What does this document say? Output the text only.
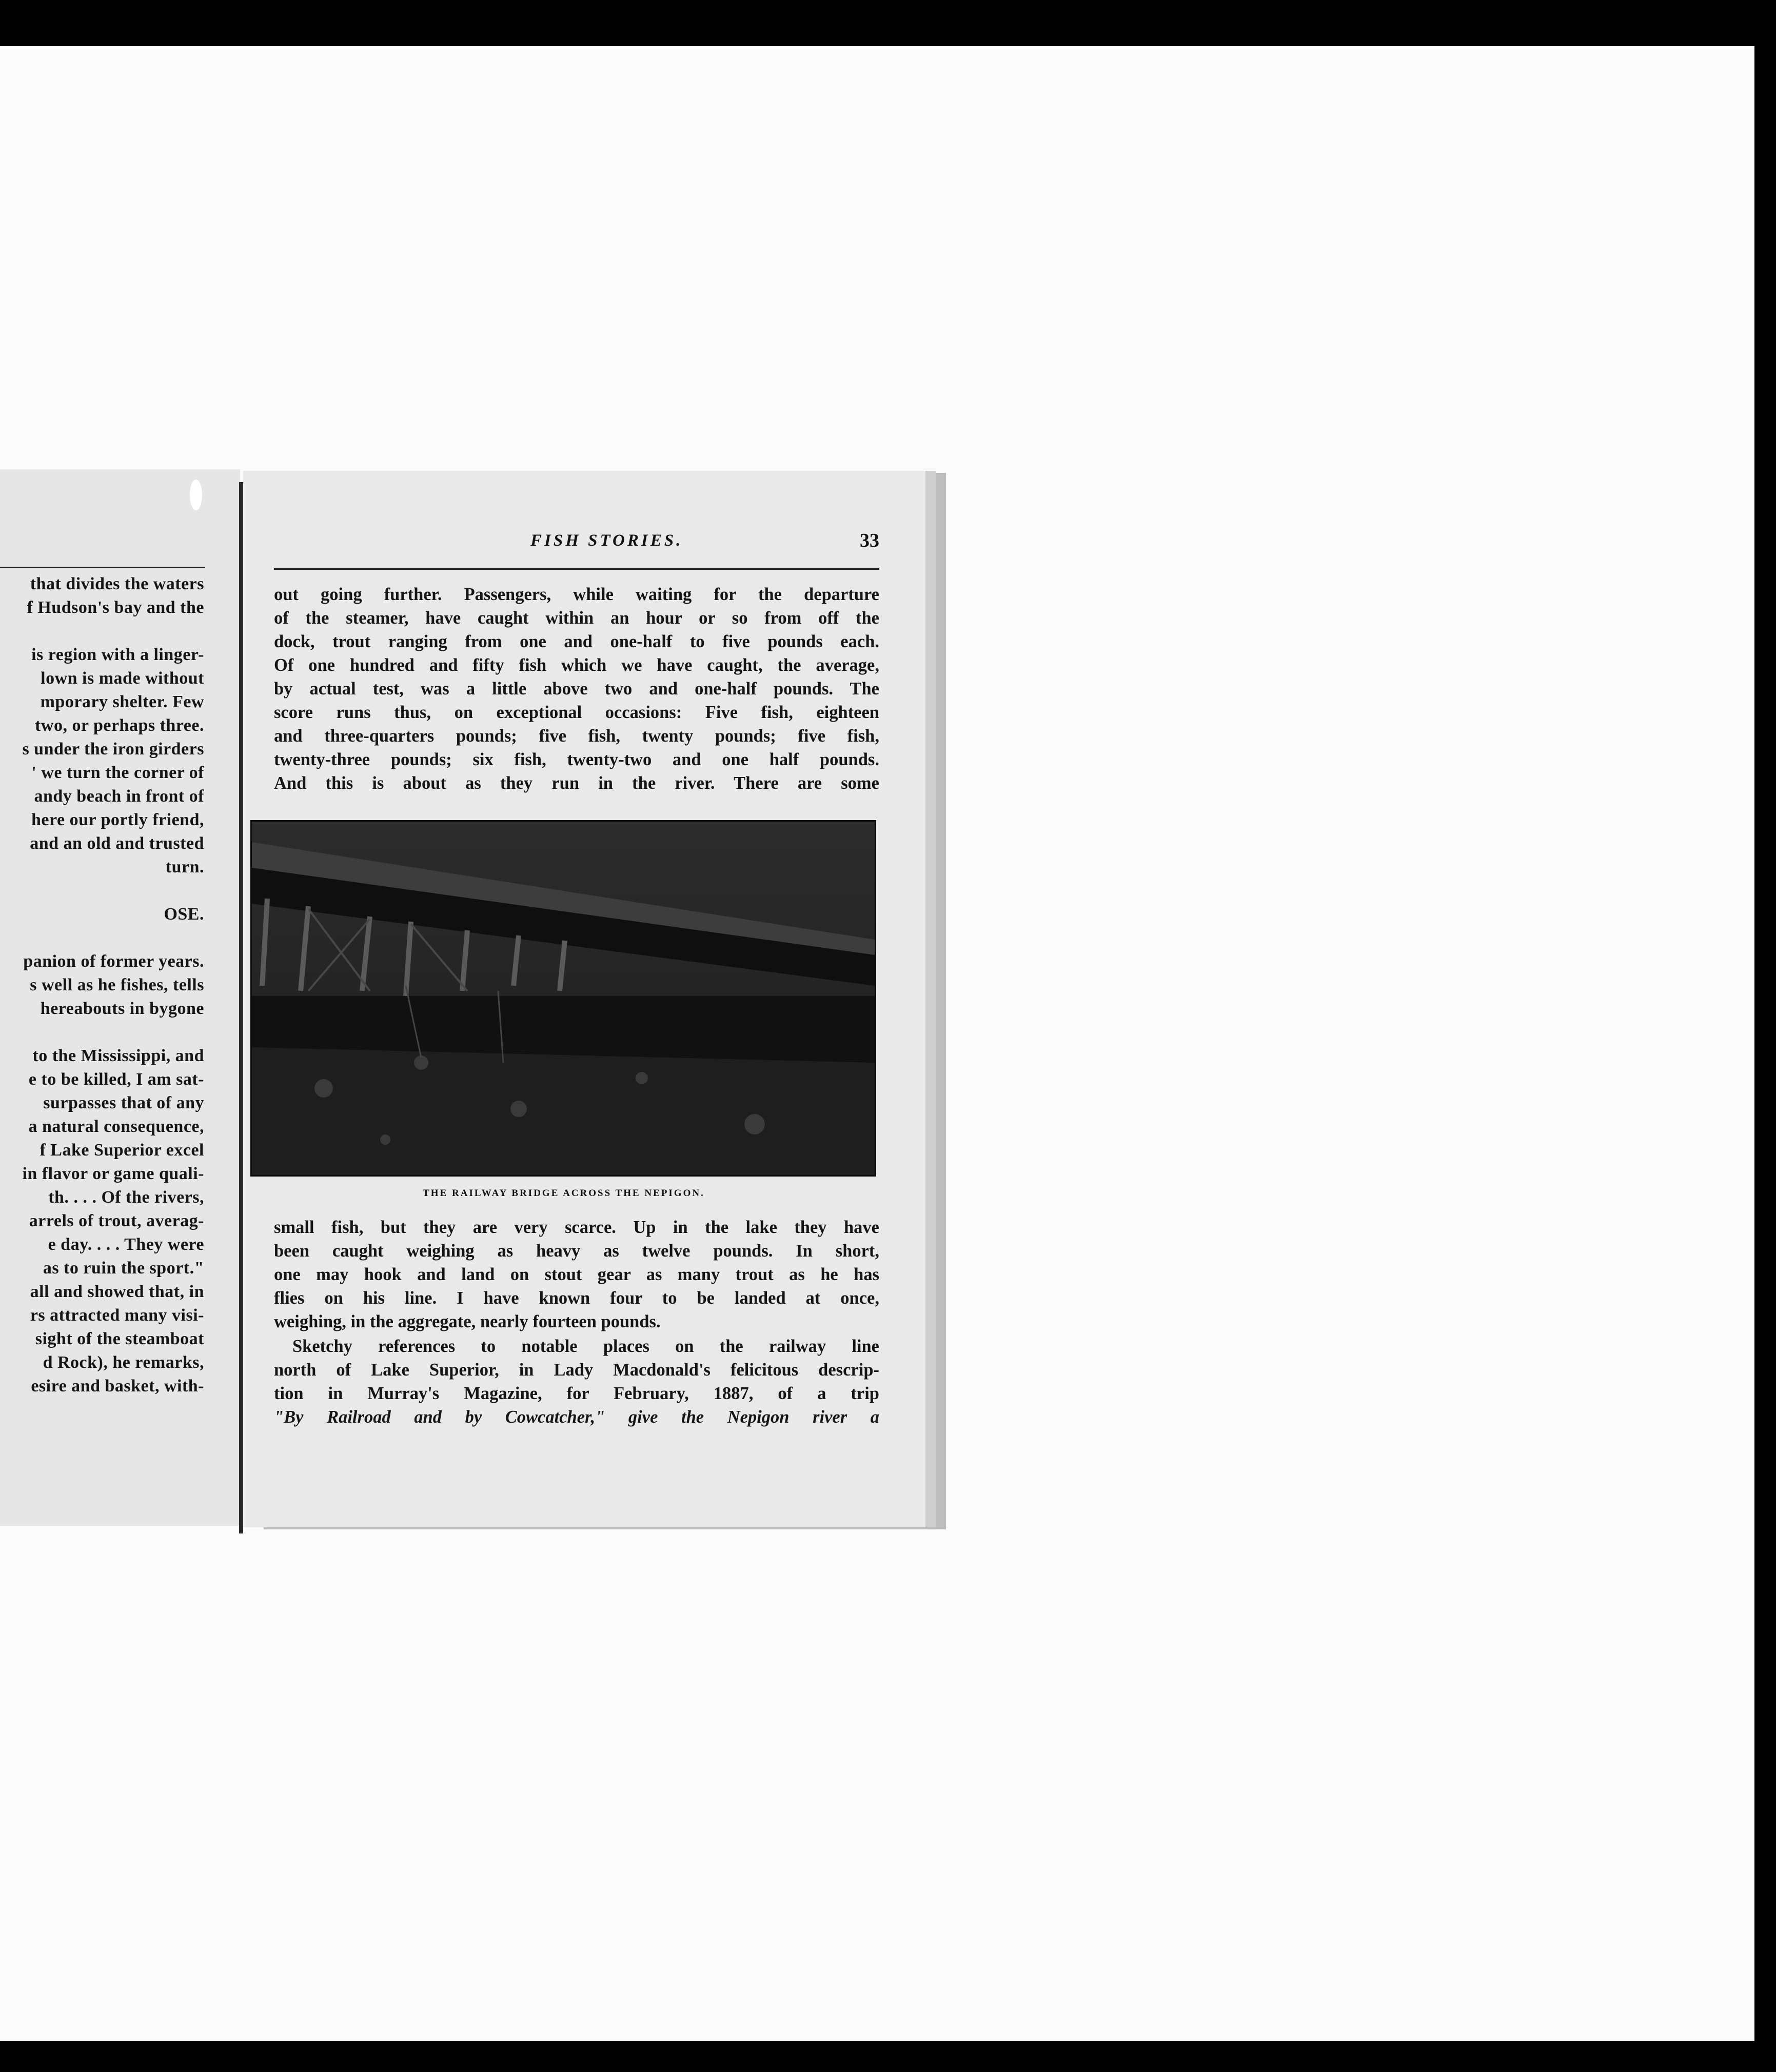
that divides the waters
f Hudson's bay and the
is region with a linger-
lown is made without
mporary shelter. Few
two, or perhaps three.
s under the iron girders
' we turn the corner of
andy beach in front of
here our portly friend,
and an old and trusted
turn.
OSE.
panion of former years.
s well as he fishes, tells
hereabouts in bygone
to the Mississippi, and
e to be killed, I am sat-
surpasses that of any
a natural consequence,
f Lake Superior excel
in flavor or game quali-
th. . . . Of the rivers,
arrels of trout, averag-
e day. . . . They were
as to ruin the sport."
all and showed that, in
rs attracted many visi-
sight of the steamboat
d Rock), he remarks,
esire and basket, with-
FISH STORIES.	33
out going further. Passengers, while waiting for the departure
of the steamer, have caught within an hour or so from off the
dock, trout ranging from one and one-half to five pounds each.
Of one hundred and fifty fish which we have caught, the average,
by actual test, was a little above two and one-half pounds. The
score runs thus, on exceptional occasions: Five fish, eighteen
and three-quarters pounds; five fish, twenty pounds; five fish,
twenty-three pounds; six fish, twenty-two and one half pounds.
And this is about as they run in the river. There are some
THE RAILWAY BRIDGE ACROSS THE NEPIGON.
small fish, but they are very scarce. Up in the lake they have
been caught weighing as heavy as twelve pounds. In short,
one may hook and land on stout gear as many trout as he has
flies on his line. I have known four to be landed at once,
weighing, in the aggregate, nearly fourteen pounds.
Sketchy references to notable places on the railway line
north of Lake Superior, in Lady Macdonald's felicitous descrip-
tion in Murray's Magazine, for February, 1887, of a trip
"By Railroad and by Cowcatcher," give the Nepigon river a
